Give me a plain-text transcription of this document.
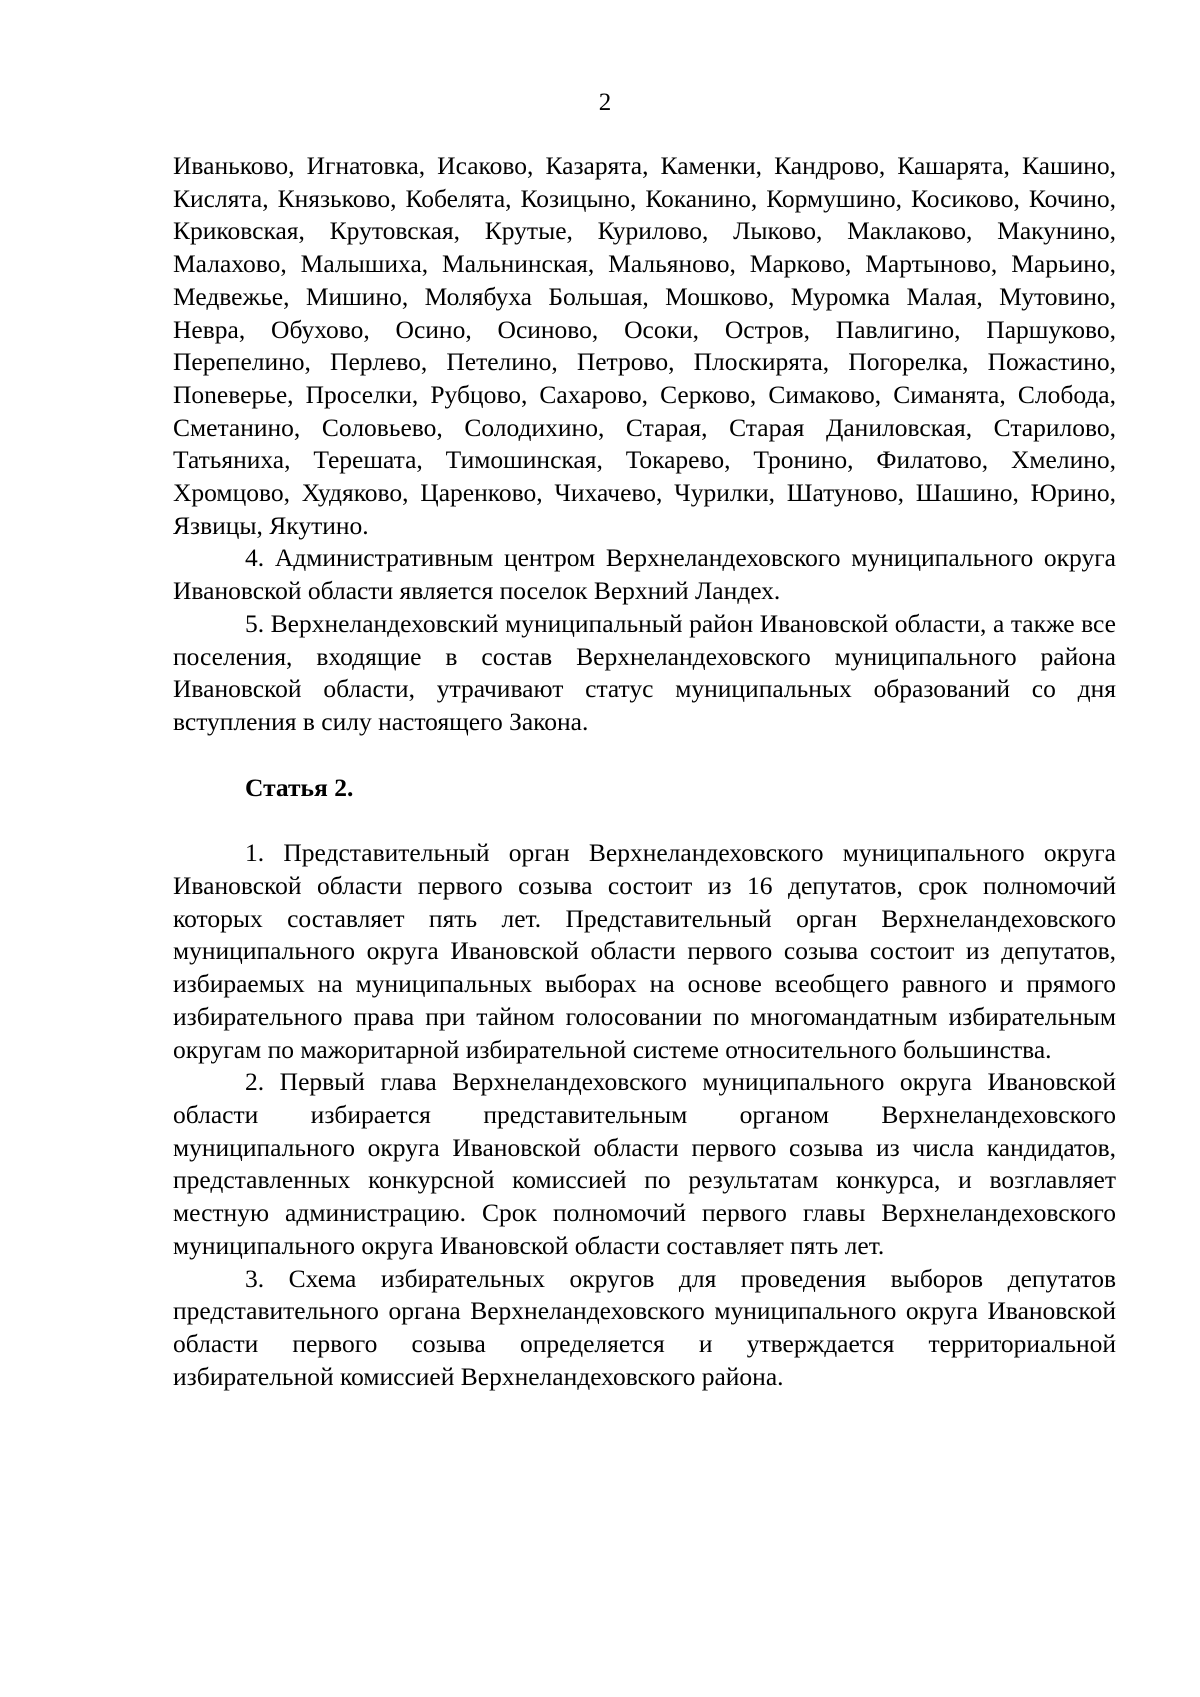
2

Иваньково, Игнатовка, Исаково, Казарята, Каменки, Кандрово, Кашарята, Кашино, Кислята, Князьково, Кобелята, Козицыно, Коканино, Кормушино, Косиково, Кочино, Криковская, Крутовская, Крутые, Курилово, Лыково, Маклаково, Макунино, Малахово, Малышиха, Мальнинская, Мальяново, Марково, Мартыново, Марьино, Медвежье, Мишино, Молябуха Большая, Мошково, Муромка Малая, Мутовино, Невра, Обухово, Осино, Осиново, Осоки, Остров, Павлигино, Паршуково, Перепелино, Перлево, Петелино, Петрово, Плоскирята, Погорелка, Пожастино, Поneверье, Проселки, Рубцово, Сахарово, Серково, Симаково, Симанята, Слобода, Сметанино, Соловьево, Солодихино, Старая, Старая Даниловская, Старилово, Татьяниха, Терешата, Тимошинская, Токарево, Тронино, Филатово, Хмелино, Хромцово, Худяково, Царенково, Чихачево, Чурилки, Шатуново, Шашино, Юрино, Язвицы, Якутино.

4. Административным центром Верхнеландеховского муниципального округа Ивановской области является поселок Верхний Ландех.

5. Верхнеландеховский муниципальный район Ивановской области, а также все поселения, входящие в состав Верхнеландеховского муниципального района Ивановской области, утрачивают статус муниципальных образований со дня вступления в силу настоящего Закона.

Статья 2.

1. Представительный орган Верхнеландеховского муниципального округа Ивановской области первого созыва состоит из 16 депутатов, срок полномочий которых составляет пять лет. Представительный орган Верхнеландеховского муниципального округа Ивановской области первого созыва состоит из депутатов, избираемых на муниципальных выборах на основе всеобщего равного и прямого избирательного права при тайном голосовании по многомандатным избирательным округам по мажоритарной избирательной системе относительного большинства.

2. Первый глава Верхнеландеховского муниципального округа Ивановской области избирается представительным органом Верхнеландеховского муниципального округа Ивановской области первого созыва из числа кандидатов, представленных конкурсной комиссией по результатам конкурса, и возглавляет местную администрацию. Срок полномочий первого главы Верхнеландеховского муниципального округа Ивановской области составляет пять лет.

3. Схема избирательных округов для проведения выборов депутатов представительного органа Верхнеландеховского муниципального округа Ивановской области первого созыва определяется и утверждается территориальной избирательной комиссией Верхнеландеховского района.
